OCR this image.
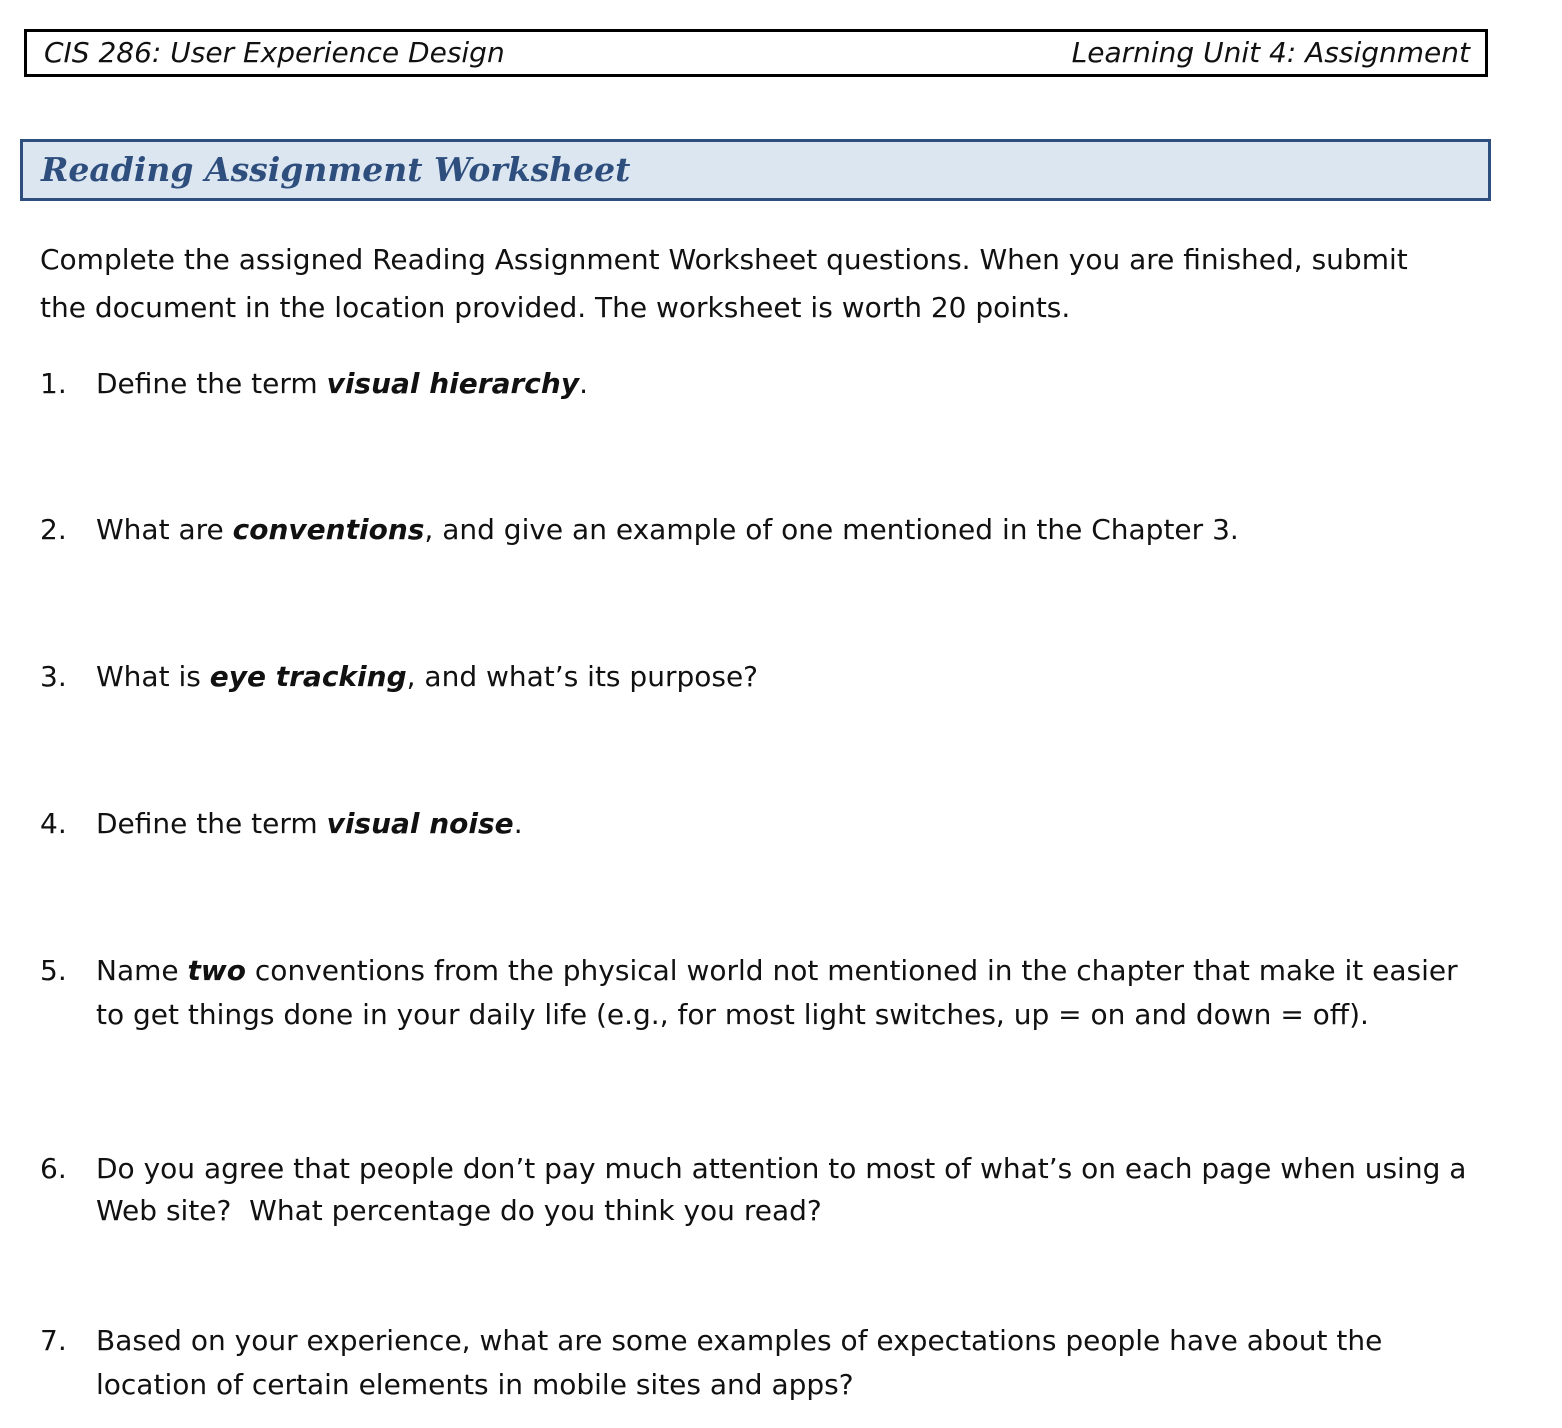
CIS 286: User Experience Design	Learning Unit 4: Assignment
Reading Assignment Worksheet
Complete the assigned Reading Assignment Worksheet questions. When you are finished, submit the document in the location provided. The worksheet is worth 20 points.
1.	Define the term visual hierarchy.
2.	What are conventions, and give an example of one mentioned in the Chapter 3.
3.	What is eye tracking, and what’s its purpose?
4.	Define the term visual noise.
5.	Name two conventions from the physical world not mentioned in the chapter that make it easier to get things done in your daily life (e.g., for most light switches, up = on and down = off).
6.	Do you agree that people don’t pay much attention to most of what’s on each page when using a Web site?  What percentage do you think you read?
7.	Based on your experience, what are some examples of expectations people have about the location of certain elements in mobile sites and apps?
